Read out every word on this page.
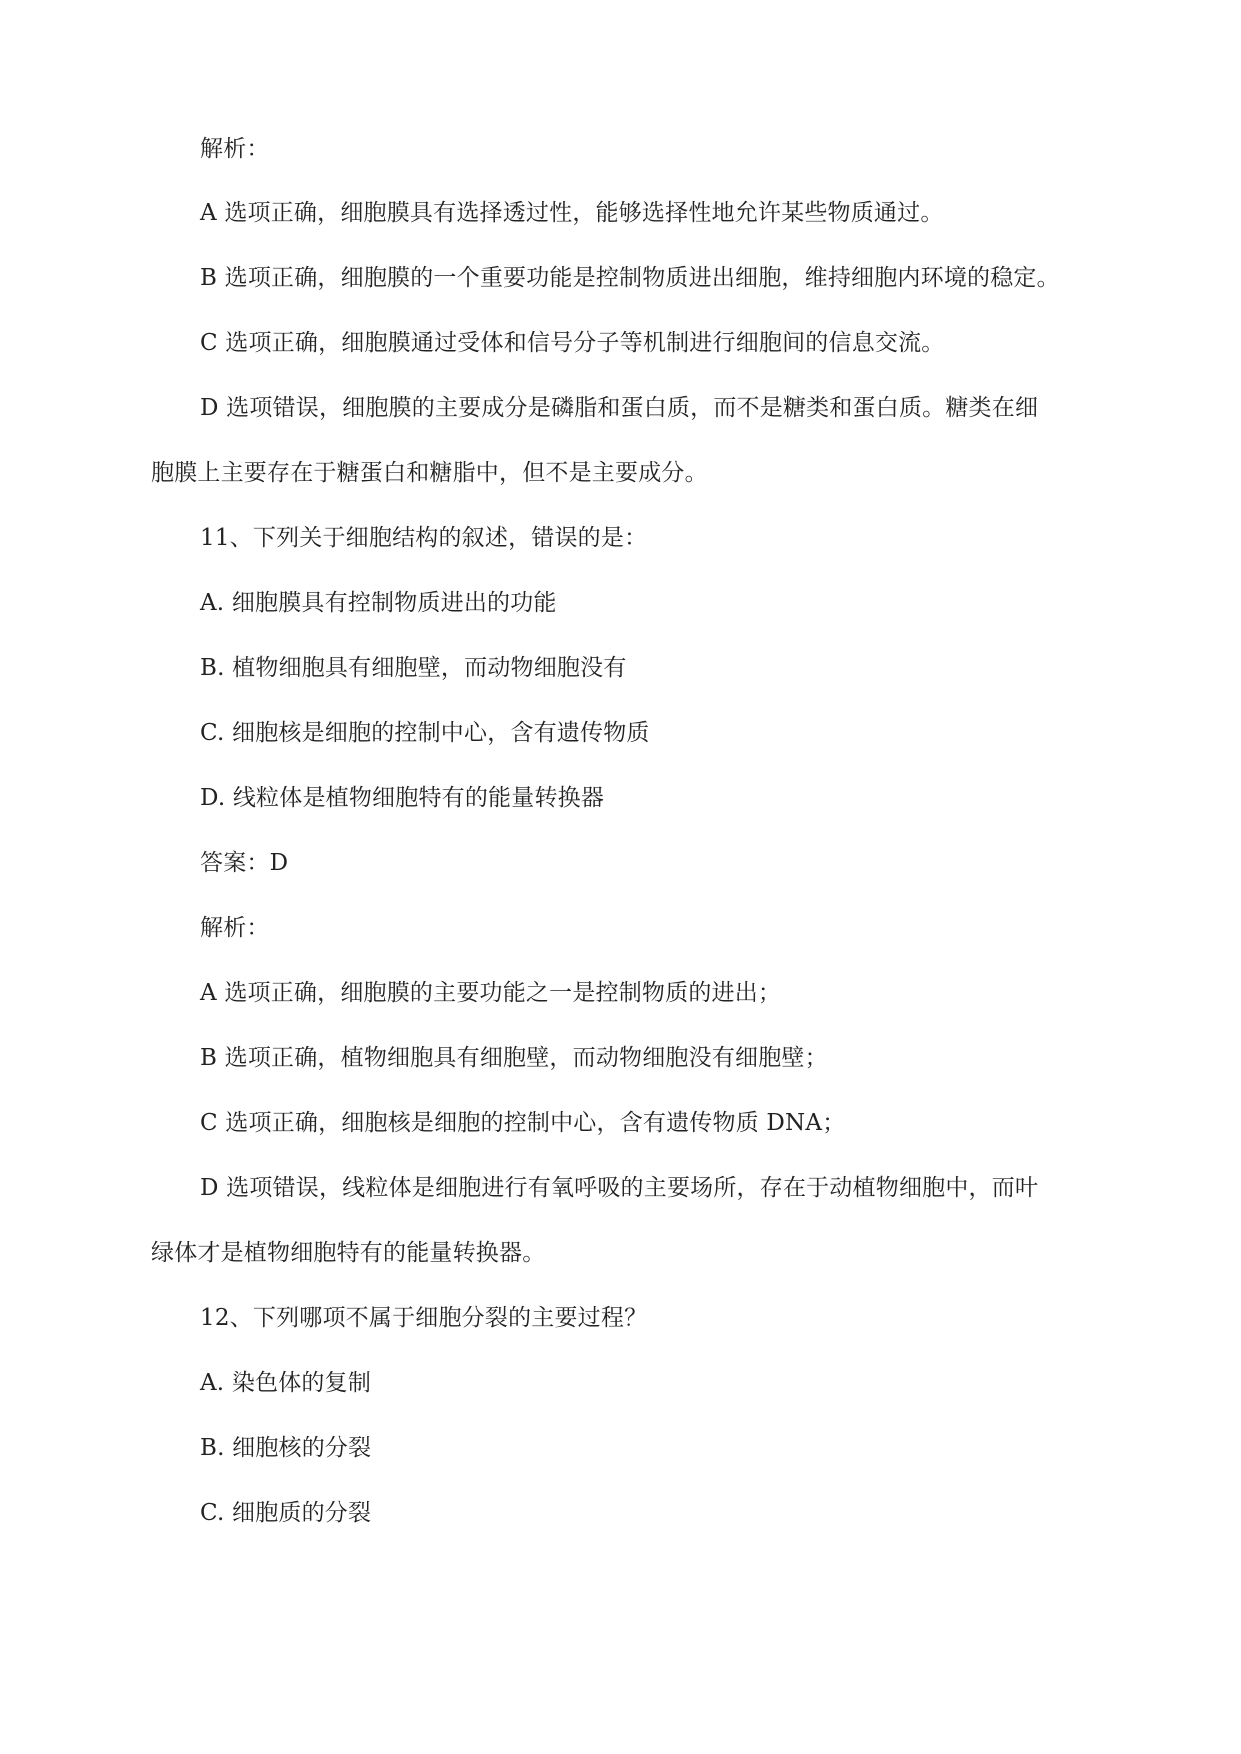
解析：
A 选项正确，细胞膜具有选择透过性，能够选择性地允许某些物质通过。
B 选项正确，细胞膜的一个重要功能是控制物质进出细胞，维持细胞内环境的稳定。
C 选项正确，细胞膜通过受体和信号分子等机制进行细胞间的信息交流。
D 选项错误，细胞膜的主要成分是磷脂和蛋白质，而不是糖类和蛋白质。糖类在细
胞膜上主要存在于糖蛋白和糖脂中，但不是主要成分。
11、下列关于细胞结构的叙述，错误的是：
A. 细胞膜具有控制物质进出的功能
B. 植物细胞具有细胞壁，而动物细胞没有
C. 细胞核是细胞的控制中心，含有遗传物质
D. 线粒体是植物细胞特有的能量转换器
答案：D
解析：
A 选项正确，细胞膜的主要功能之一是控制物质的进出；
B 选项正确，植物细胞具有细胞壁，而动物细胞没有细胞壁；
C 选项正确，细胞核是细胞的控制中心，含有遗传物质 DNA；
D 选项错误，线粒体是细胞进行有氧呼吸的主要场所，存在于动植物细胞中，而叶
绿体才是植物细胞特有的能量转换器。
12、下列哪项不属于细胞分裂的主要过程？
A. 染色体的复制
B. 细胞核的分裂
C. 细胞质的分裂
